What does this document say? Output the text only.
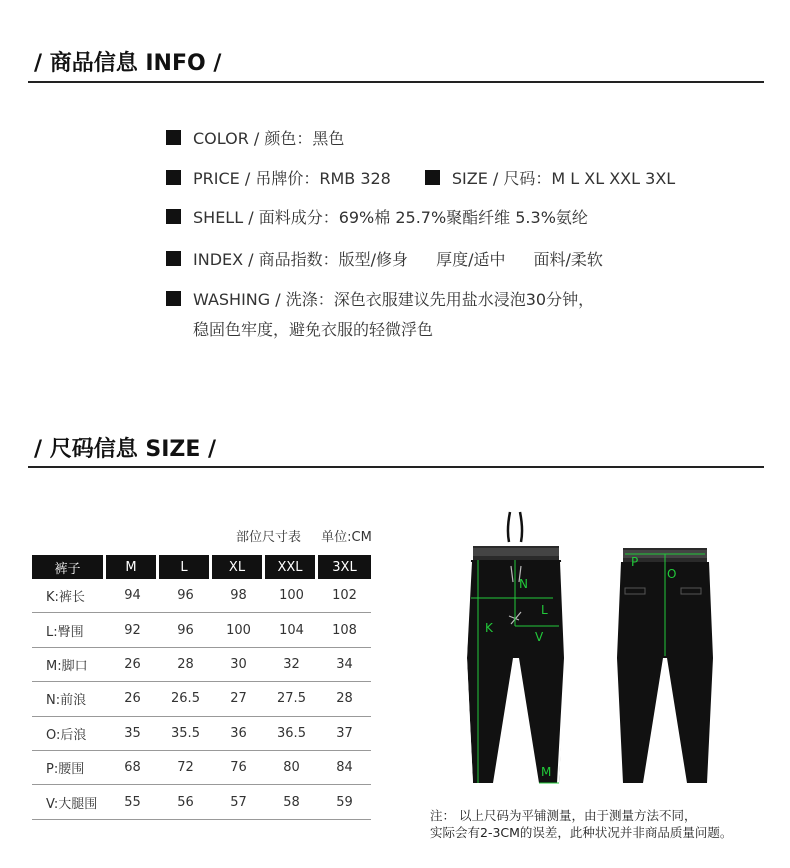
/ 商品信息 INFO /
COLOR / 颜色：黑色
PRICE / 吊牌价：RMB 328	SIZE / 尺码：M L XL XXL 3XL
SHELL / 面料成分：69%棉 25.7%聚酯纤维 5.3%氨纶
INDEX / 商品指数： 版型/修身 厚度/适中 面料/柔软
WASHING / 洗涤：深色衣服建议先用盐水浸泡30分钟，
稳固色牢度，避免衣服的轻微浮色
/ 尺码信息 SIZE /
部位尺寸表 单位:CM
裤子	M	L	XL	XXL	3XL
K:裤长	94	96	98	100	102
L:臀围	92	96	100	104	108
M:脚口	26	28	30	32	34
N:前浪	26	26.5	27	27.5	28
O:后浪	35	35.5	36	36.5	37
P:腰围	68	72	76	80	84
V:大腿围	55	56	57	58	59
N
L
K
V
M
P
O
注： 以上尺码为平铺测量，由于测量方法不同，
实际会有2-3CM的误差，此种状况并非商品质量问题。
